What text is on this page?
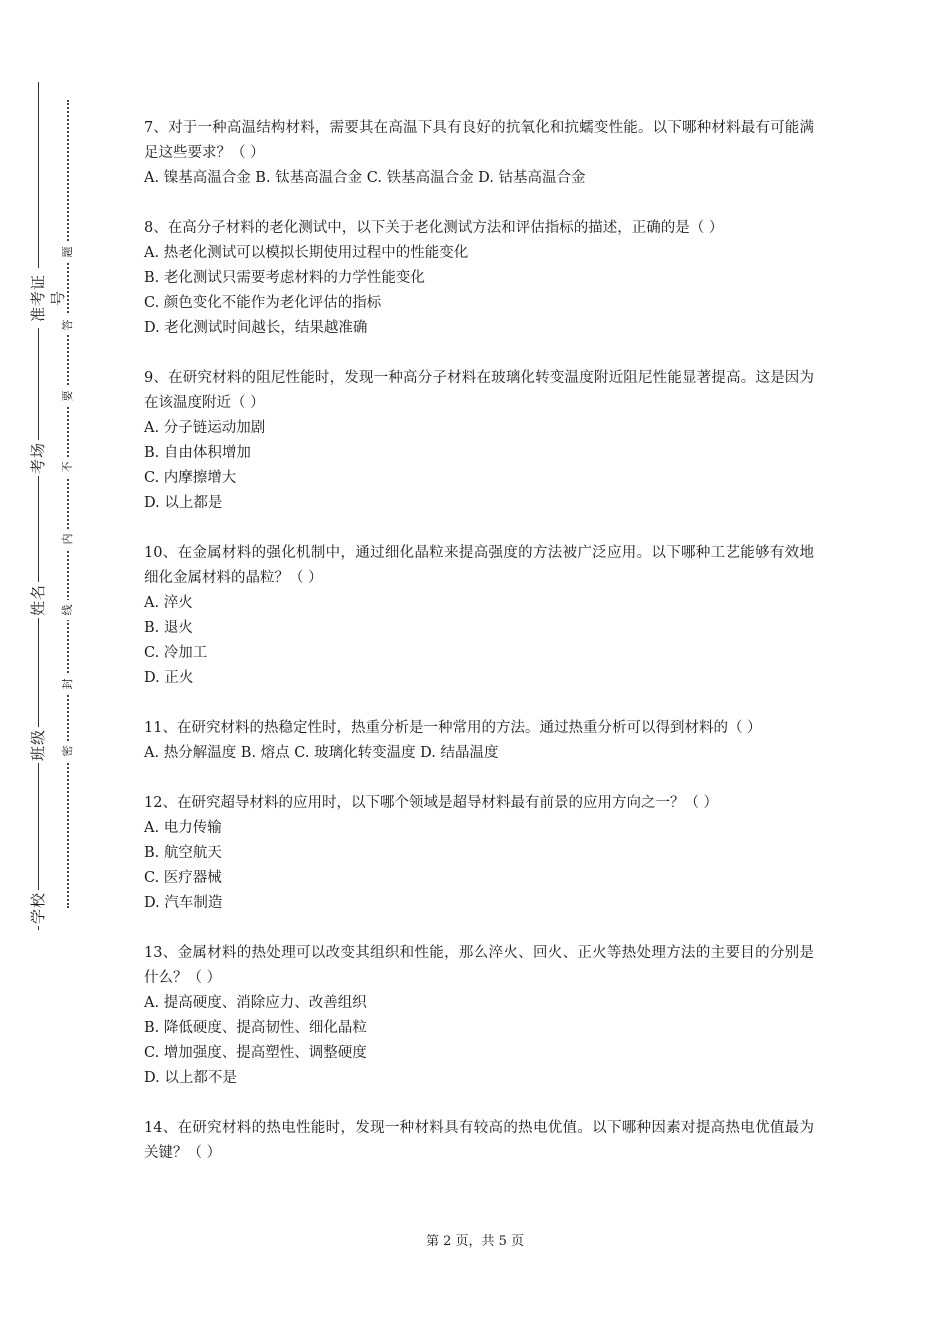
学校
班级
姓名
考场
准考证号
密
封
线
内
不
要
答
题
7、对于一种高温结构材料，需要其在高温下具有良好的抗氧化和抗蠕变性能。以下哪种材料最有可能满足这些要求？（ ）
A. 镍基高温合金 B. 钛基高温合金 C. 铁基高温合金 D. 钴基高温合金
8、在高分子材料的老化测试中，以下关于老化测试方法和评估指标的描述，正确的是（ ）
A. 热老化测试可以模拟长期使用过程中的性能变化
B. 老化测试只需要考虑材料的力学性能变化
C. 颜色变化不能作为老化评估的指标
D. 老化测试时间越长，结果越准确
9、在研究材料的阻尼性能时，发现一种高分子材料在玻璃化转变温度附近阻尼性能显著提高。这是因为在该温度附近（ ）
A. 分子链运动加剧
B. 自由体积增加
C. 内摩擦增大
D. 以上都是
10、在金属材料的强化机制中，通过细化晶粒来提高强度的方法被广泛应用。以下哪种工艺能够有效地细化金属材料的晶粒？（ ）
A. 淬火
B. 退火
C. 冷加工
D. 正火
11、在研究材料的热稳定性时，热重分析是一种常用的方法。通过热重分析可以得到材料的（ ）
A. 热分解温度 B. 熔点 C. 玻璃化转变温度 D. 结晶温度
12、在研究超导材料的应用时，以下哪个领域是超导材料最有前景的应用方向之一？（ ）
A. 电力传输
B. 航空航天
C. 医疗器械
D. 汽车制造
13、金属材料的热处理可以改变其组织和性能，那么淬火、回火、正火等热处理方法的主要目的分别是什么？（ ）
A. 提高硬度、消除应力、改善组织
B. 降低硬度、提高韧性、细化晶粒
C. 增加强度、提高塑性、调整硬度
D. 以上都不是
14、在研究材料的热电性能时，发现一种材料具有较高的热电优值。以下哪种因素对提高热电优值最为关键？（ ）
第 2 页，共 5 页
